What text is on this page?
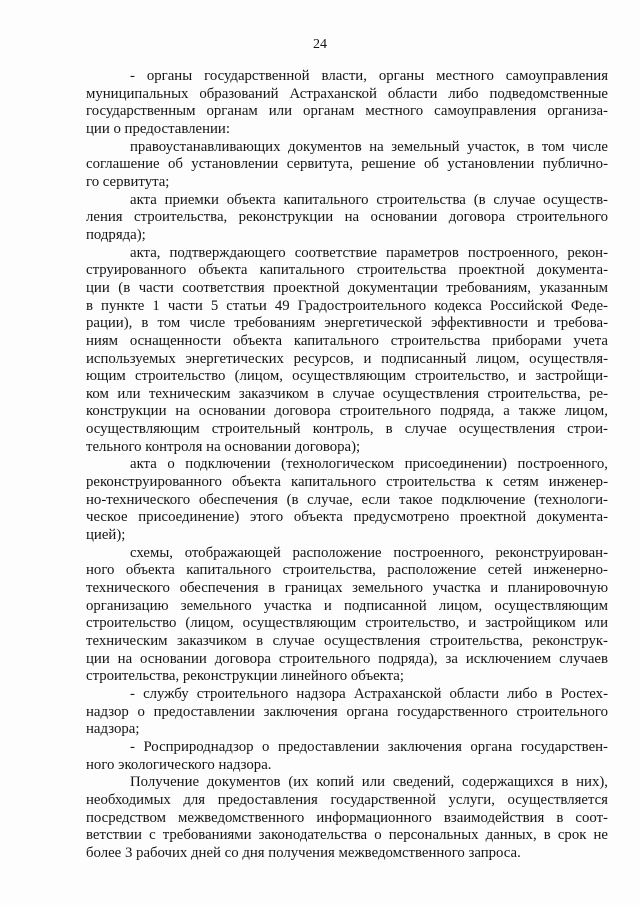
24
- органы государственной власти, органы местного самоуправления
муниципальных образований Астраханской области либо подведомственные
государственным органам или органам местного самоуправления организа-
ции о предоставлении:
правоустанавливающих документов на земельный участок, в том числе
соглашение об установлении сервитута, решение об установлении публично-
го сервитута;
акта приемки объекта капитального строительства (в случае осуществ-
ления строительства, реконструкции на основании договора строительного
подряда);
акта, подтверждающего соответствие параметров построенного, рекон-
струированного объекта капитального строительства проектной документа-
ции (в части соответствия проектной документации требованиям, указанным
в пункте 1 части 5 статьи 49 Градостроительного кодекса Российской Феде-
рации), в том числе требованиям энергетической эффективности и требова-
ниям оснащенности объекта капитального строительства приборами учета
используемых энергетических ресурсов, и подписанный лицом, осуществля-
ющим строительство (лицом, осуществляющим строительство, и застройщи-
ком или техническим заказчиком в случае осуществления строительства, ре-
конструкции на основании договора строительного подряда, а также лицом,
осуществляющим строительный контроль, в случае осуществления строи-
тельного контроля на основании договора);
акта о подключении (технологическом присоединении) построенного,
реконструированного объекта капитального строительства к сетям инженер-
но-технического обеспечения (в случае, если такое подключение (технологи-
ческое присоединение) этого объекта предусмотрено проектной документа-
цией);
схемы, отображающей расположение построенного, реконструирован-
ного объекта капитального строительства, расположение сетей инженерно-
технического обеспечения в границах земельного участка и планировочную
организацию земельного участка и подписанной лицом, осуществляющим
строительство (лицом, осуществляющим строительство, и застройщиком или
техническим заказчиком в случае осуществления строительства, реконструк-
ции на основании договора строительного подряда), за исключением случаев
строительства, реконструкции линейного объекта;
- службу строительного надзора Астраханской области либо в Ростех-
надзор о предоставлении заключения органа государственного строительного
надзора;
- Росприроднадзор о предоставлении заключения органа государствен-
ного экологического надзора.
Получение документов (их копий или сведений, содержащихся в них),
необходимых для предоставления государственной услуги, осуществляется
посредством межведомственного информационного взаимодействия в соот-
ветствии с требованиями законодательства о персональных данных, в срок не
более 3 рабочих дней со дня получения межведомственного запроса.
